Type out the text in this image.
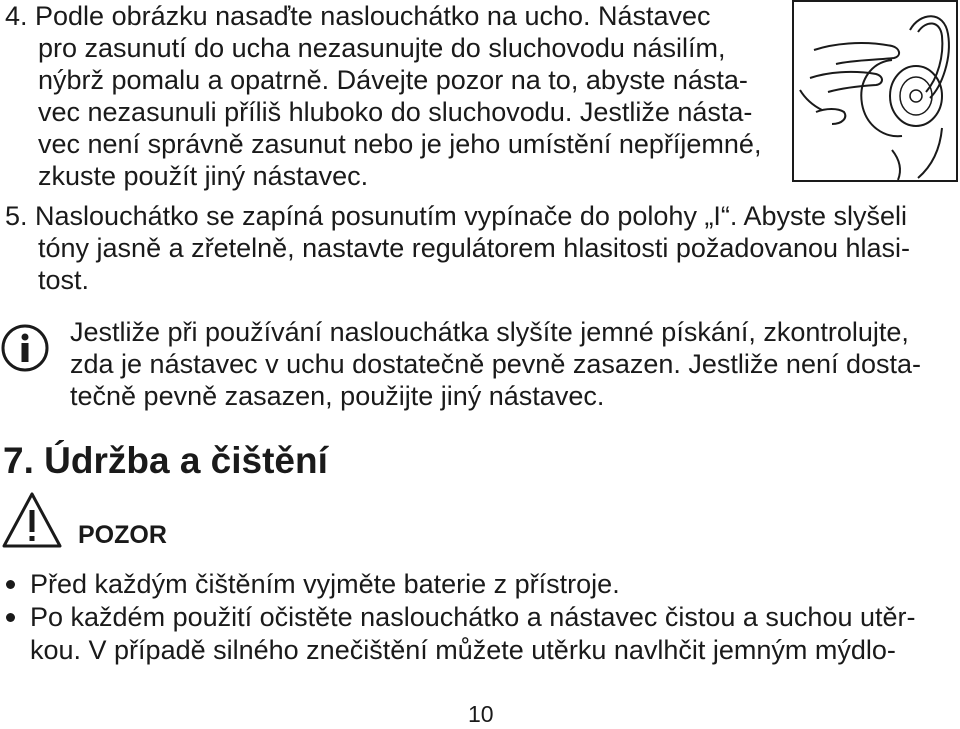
4. Podle obrázku nasaďte naslouchátko na ucho. Nástavec
pro zasunutí do ucha nezasunujte do sluchovodu násilím,
nýbrž pomalu a opatrně. Dávejte pozor na to, abyste násta-
vec nezasunuli příliš hluboko do sluchovodu. Jestliže násta-
vec není správně zasunut nebo je jeho umístění nepříjemné,
zkuste použít jiný nástavec.
5. Naslouchátko se zapíná posunutím vypínače do polohy „I“. Abyste slyšeli
tóny jasně a zřetelně, nastavte regulátorem hlasitosti požadovanou hlasi-
tost.
Jestliže při používání naslouchátka slyšíte jemné pískání, zkontrolujte,
zda je nástavec v uchu dostatečně pevně zasazen. Jestliže není dosta-
tečně pevně zasazen, použijte jiný nástavec.
7. Údržba a čištění
POZOR
Před každým čištěním vyjměte baterie z přístroje.
Po každém použití očistěte naslouchátko a nástavec čistou a suchou utěr-
kou. V případě silného znečištění můžete utěrku navlhčit jemným mýdlo-
10
